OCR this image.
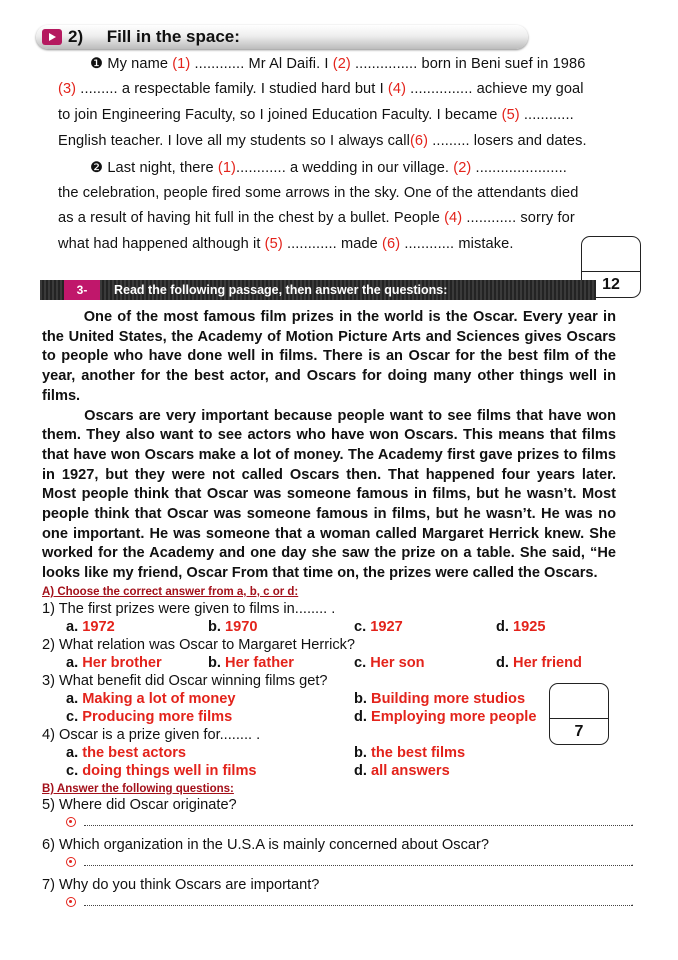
2)     Fill in the space:
❶ My name (1) ............ Mr Al Daifi. I (2) ............... born in Beni suef in 1986
(3) ......... a respectable family. I studied hard but I (4) ............... achieve my goal
to join Engineering Faculty, so I joined Education Faculty. I became (5) ............
English teacher. I love all my students so I always call(6) ......... losers and dates.
❷ Last night, there (1)............ a wedding in our village. (2) ......................
the celebration, people fired some arrows in the sky. One of the attendants died
as a result of having hit full in the chest by a bullet. People (4) ............ sorry for
what had happened although it (5) ............ made (6) ............ mistake.
12
3-	Read the following passage, then answer the questions:
One of the most famous film prizes in the world is the Oscar. Every year in
the United States, the Academy of Motion Picture Arts and Sciences gives Oscars
to people who have done well in films. There is an Oscar for the best film of the
year, another for the best actor, and Oscars for doing many other things well in
films.
Oscars are very important because people want to see films that have won
them. They also want to see actors who have won Oscars. This means that films
that have won Oscars make a lot of money. The Academy first gave prizes to films
in 1927, but they were not called Oscars then. That happened four years later.
Most people think that Oscar was someone famous in films, but he wasn’t. Most
people think that Oscar was someone famous in films, but he wasn’t. He was no
one important. He was someone that a woman called Margaret Herrick knew. She
worked for the Academy and one day she saw the prize on a table. She said, “He
looks like my friend, Oscar From that time on, the prizes were called the Oscars.
A) Choose the correct answer from a, b, c or d:
1) The first prizes were given to films in........ .
a. 1972	b. 1970	c. 1927	d. 1925
2) What relation was Oscar to Margaret Herrick?
a. Her brother	b. Her father	c. Her son	d. Her friend
3) What benefit did Oscar winning films get?
a. Making a lot of money	b. Building more studios
c. Producing more films	d. Employing more people
4) Oscar is a prize given for........ .
a. the best actors	b. the best films
c. doing things well in films	d. all answers
7
B) Answer the following questions:
5) Where did Oscar originate?
.
6) Which organization in the U.S.A is mainly concerned about Oscar?
.
7) Why do you think Oscars are important?
.
